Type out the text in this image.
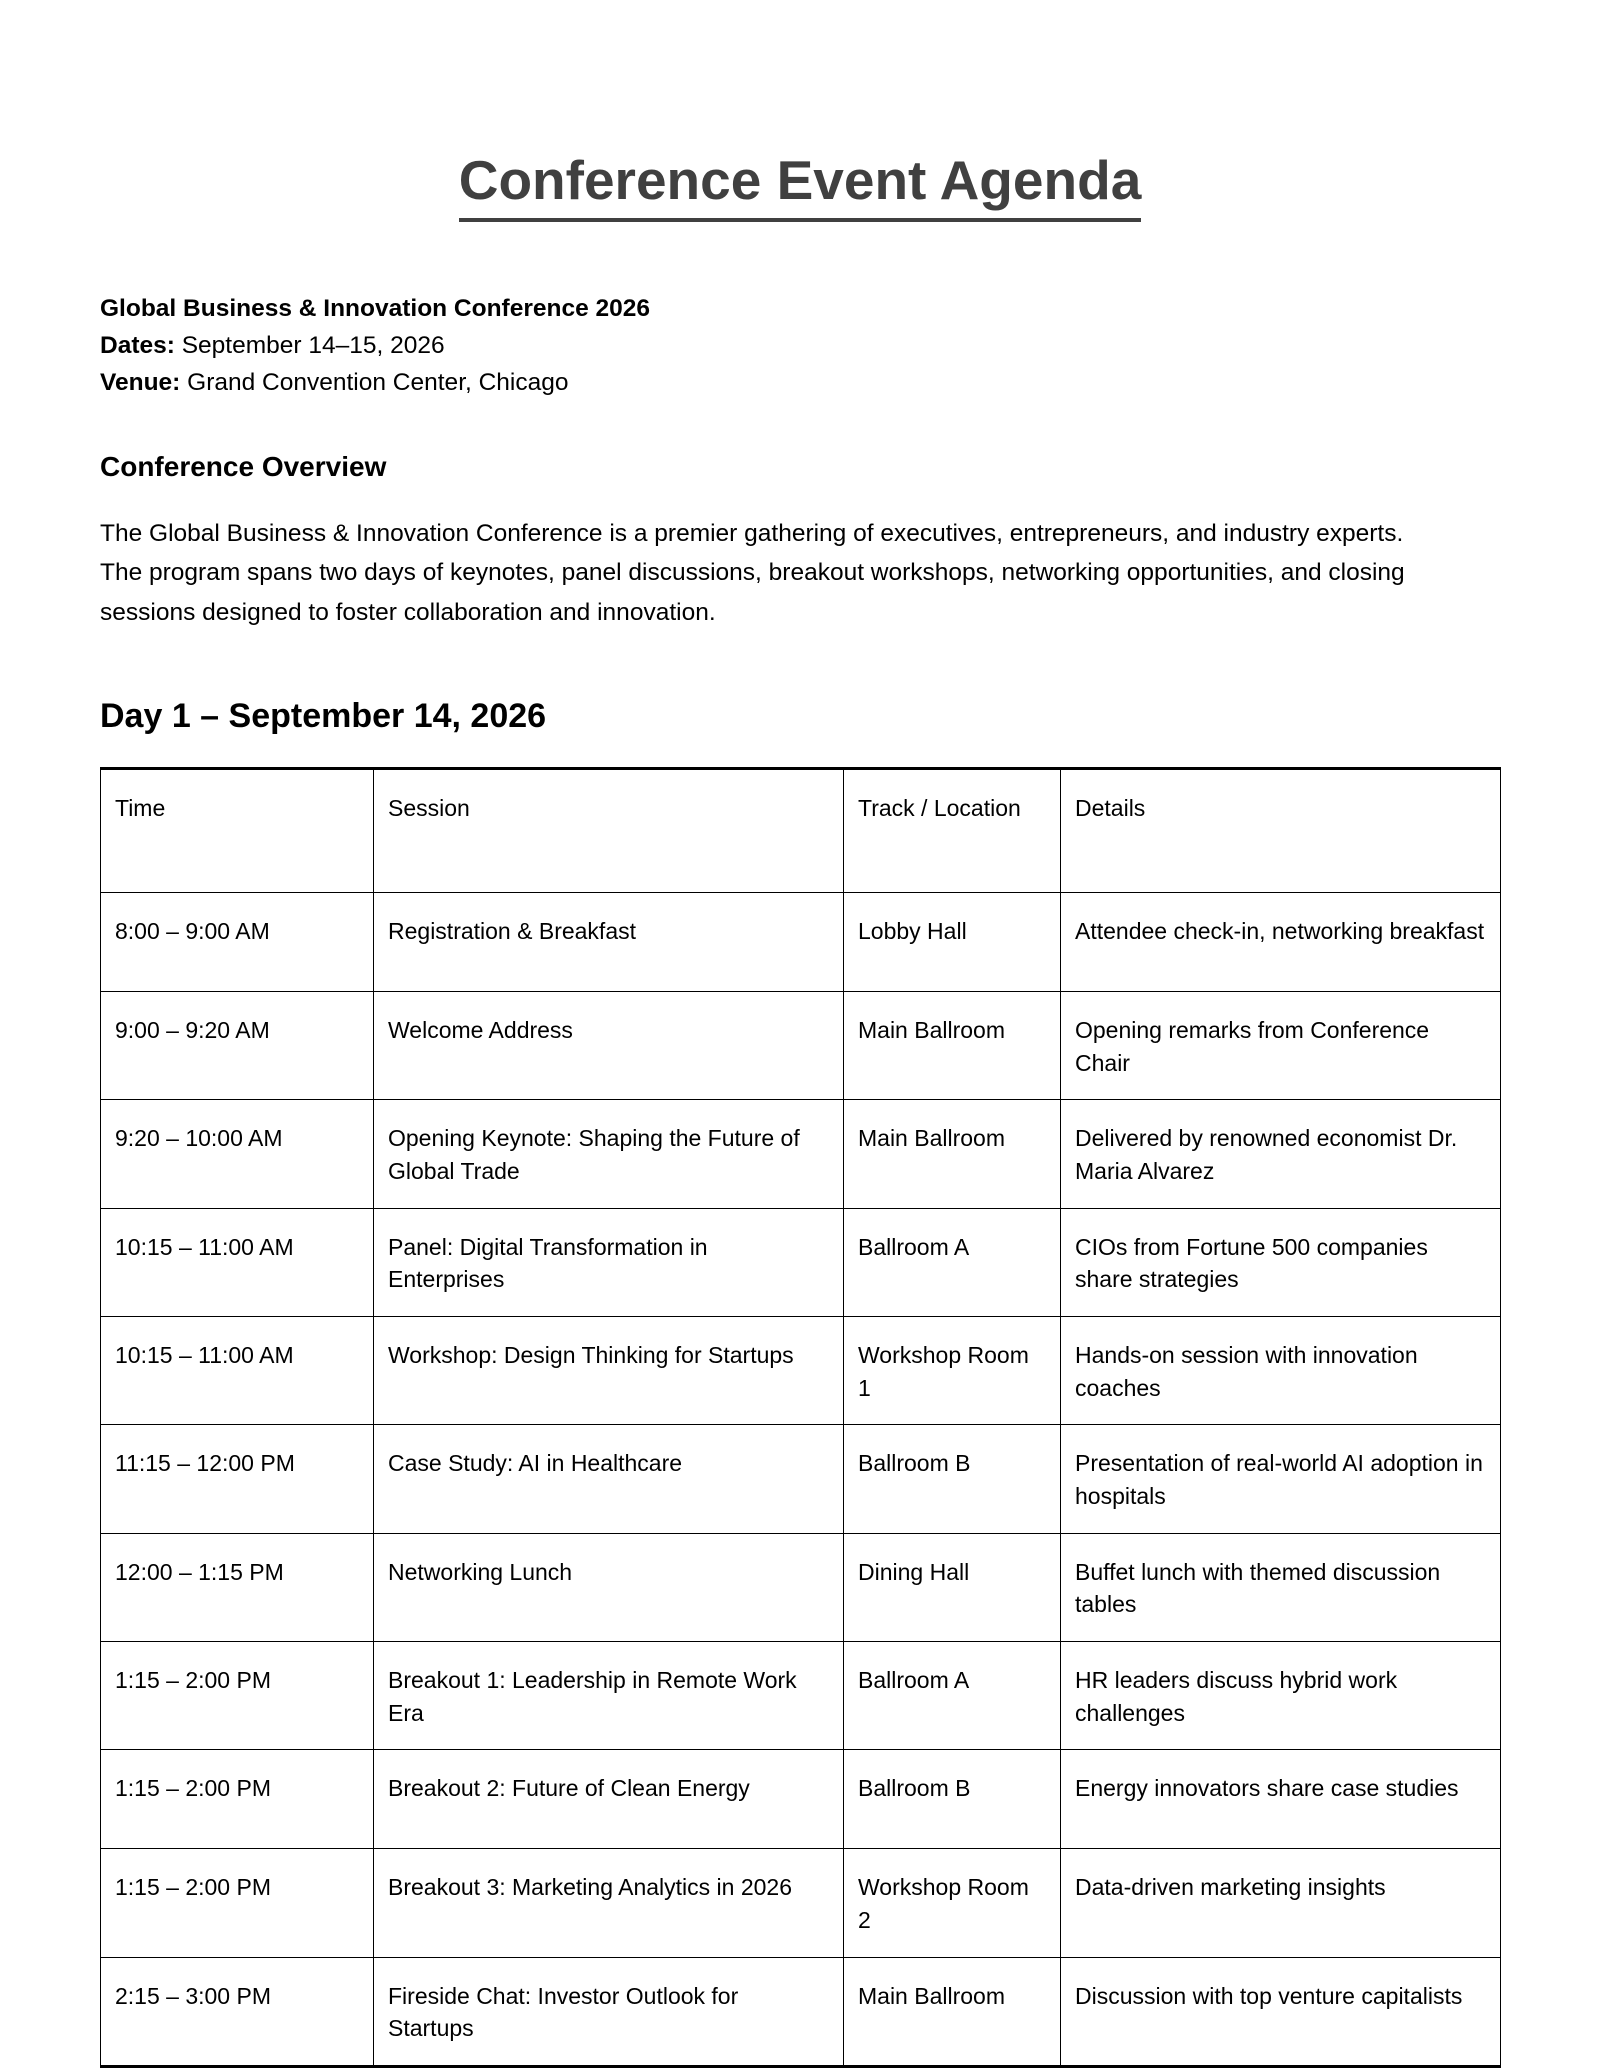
Conference Event Agenda
Global Business & Innovation Conference 2026
Dates: September 14–15, 2026
Venue: Grand Convention Center, Chicago
Conference Overview

The Global Business & Innovation Conference is a premier gathering of executives, entrepreneurs, and industry experts. The program spans two days of keynotes, panel discussions, breakout workshops, networking opportunities, and closing sessions designed to foster collaboration and innovation.

Day 1 – September 14, 2026
Time	Session	Track / Location	Details
8:00 – 9:00 AM	Registration & Breakfast	Lobby Hall	Attendee check-in, networking breakfast
9:00 – 9:20 AM	Welcome Address	Main Ballroom	Opening remarks from Conference Chair
9:20 – 10:00 AM	Opening Keynote: Shaping the Future of Global Trade	Main Ballroom	Delivered by renowned economist Dr. Maria Alvarez
10:15 – 11:00 AM	Panel: Digital Transformation in Enterprises	Ballroom A	CIOs from Fortune 500 companies share strategies
10:15 – 11:00 AM	Workshop: Design Thinking for Startups	Workshop Room 1	Hands-on session with innovation coaches
11:15 – 12:00 PM	Case Study: AI in Healthcare	Ballroom B	Presentation of real-world AI adoption in hospitals
12:00 – 1:15 PM	Networking Lunch	Dining Hall	Buffet lunch with themed discussion tables
1:15 – 2:00 PM	Breakout 1: Leadership in Remote Work Era	Ballroom A	HR leaders discuss hybrid work challenges
1:15 – 2:00 PM	Breakout 2: Future of Clean Energy	Ballroom B	Energy innovators share case studies
1:15 – 2:00 PM	Breakout 3: Marketing Analytics in 2026	Workshop Room 2	Data-driven marketing insights
2:15 – 3:00 PM	Fireside Chat: Investor Outlook for Startups	Main Ballroom	Discussion with top venture capitalists
